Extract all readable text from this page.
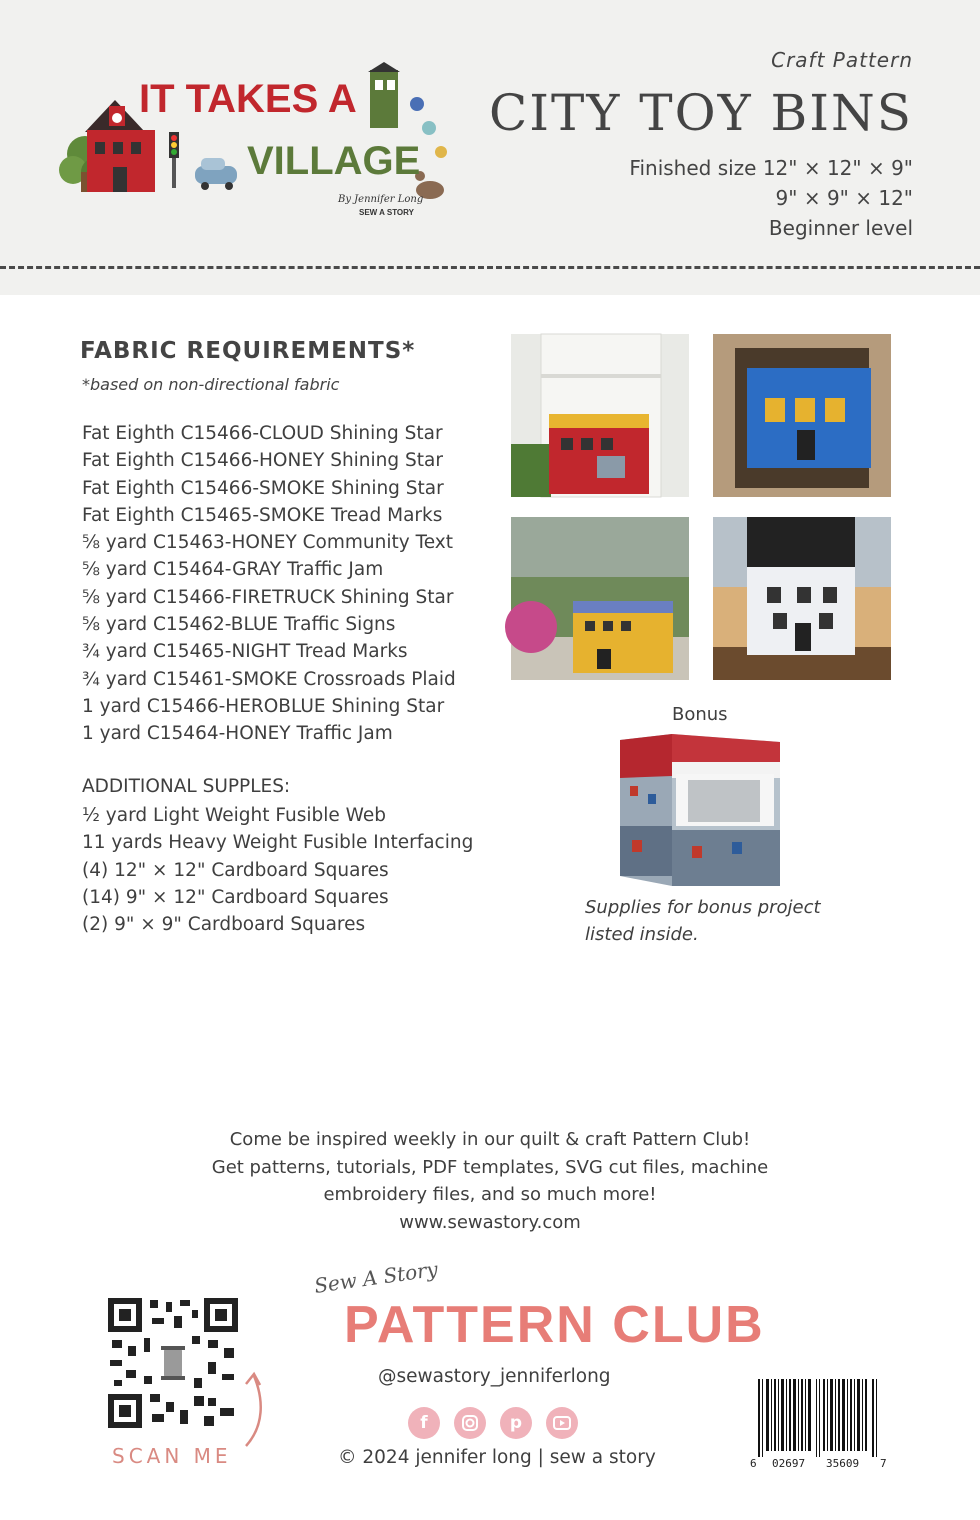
IT TAKES A
VILLAGE
By Jennifer Long
SEW A STORY
Craft Pattern
CITY TOY BINS
Finished size 12" × 12" × 9"
9" × 9" × 12"
Beginner level
FABRIC REQUIREMENTS*
*based on non-directional fabric
Fat Eighth C15466-CLOUD Shining Star
Fat Eighth C15466-HONEY Shining Star
Fat Eighth C15466-SMOKE Shining Star
Fat Eighth C15465-SMOKE Tread Marks
⅝ yard C15463-HONEY Community Text
⅝ yard C15464-GRAY Traffic Jam
⅝ yard C15466-FIRETRUCK Shining Star
⅝ yard C15462-BLUE Traffic Signs
¾ yard C15465-NIGHT Tread Marks
¾ yard C15461-SMOKE Crossroads Plaid
1 yard C15466-HEROBLUE Shining Star
1 yard C15464-HONEY Traffic Jam
ADDITIONAL SUPPLES:
½ yard Light Weight Fusible Web
11 yards Heavy Weight Fusible Interfacing
(4) 12" × 12" Cardboard Squares
(14) 9" × 12" Cardboard Squares
(2) 9" × 9" Cardboard Squares
Bonus
Supplies for bonus project
listed inside.
Come be inspired weekly in our quilt & craft Pattern Club!
Get patterns, tutorials, PDF templates, SVG cut files, machine
embroidery files, and so much more!
www.sewastory.com
Sew A Story
PATTERN CLUB
SCAN ME
@sewastory_jenniferlong
f	p
© 2024 jennifer long | sew a story	6 02697 35609 7
